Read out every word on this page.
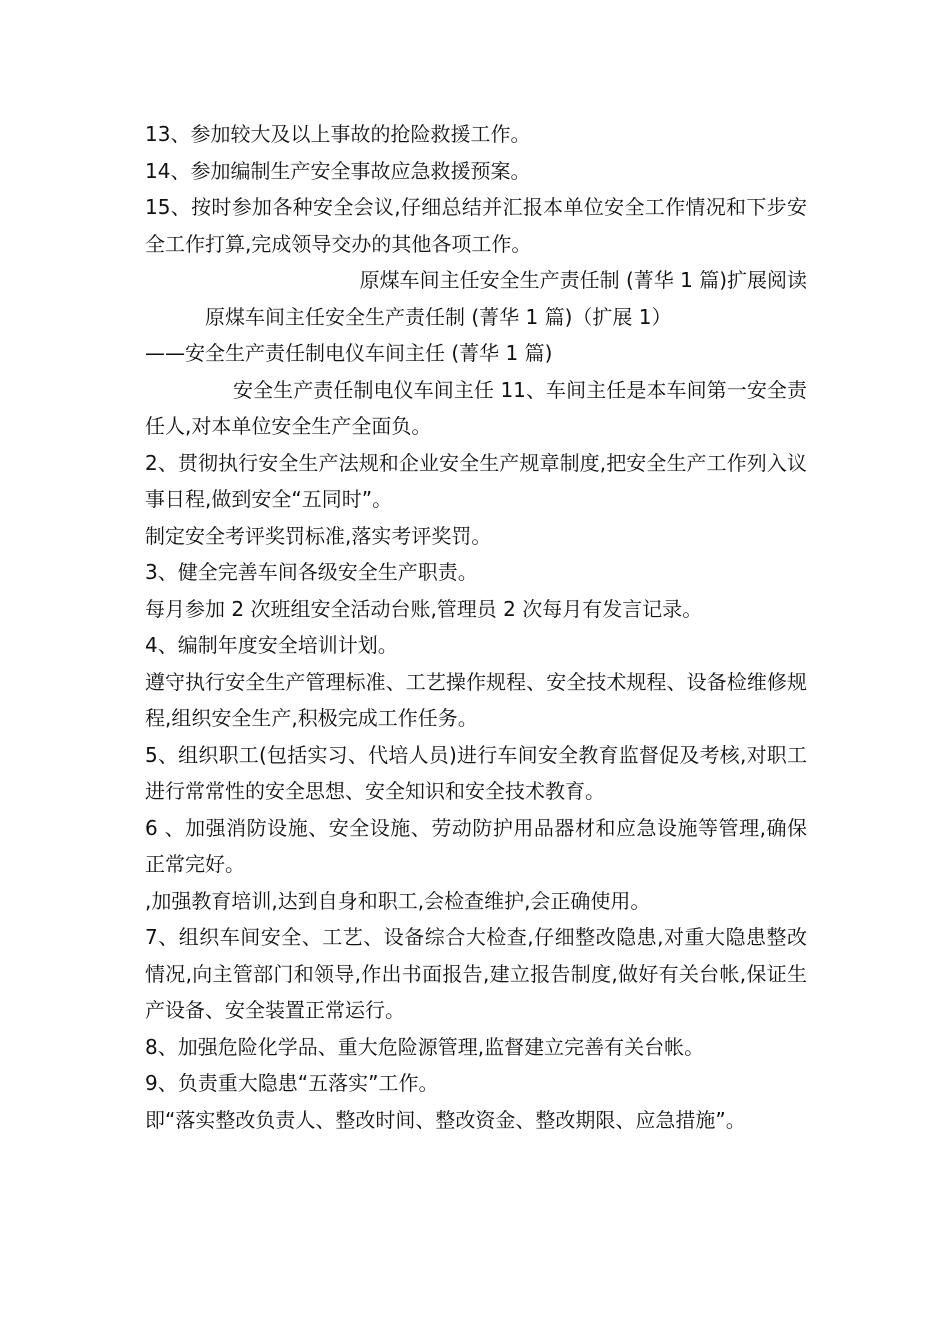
13、参加较大及以上事故的抢险救援工作。

14、参加编制生产安全事故应急救援预案。

15、按时参加各种安全会议,仔细总结并汇报本单位安全工作情况和下步安全工作打算,完成领导交办的其他各项工作。

原煤车间主任安全生产责任制 (菁华 1 篇)扩展阅读

原煤车间主任安全生产责任制 (菁华 1 篇)（扩展 1）

——安全生产责任制电仪车间主任 (菁华 1 篇)

安全生产责任制电仪车间主任 11、车间主任是本车间第一安全责任人,对本单位安全生产全面负。

2、贯彻执行安全生产法规和企业安全生产规章制度,把安全生产工作列入议事日程,做到安全“五同时”。

制定安全考评奖罚标准,落实考评奖罚。

3、健全完善车间各级安全生产职责。

每月参加 2 次班组安全活动台账,管理员 2 次每月有发言记录。

4、编制年度安全培训计划。

遵守执行安全生产管理标准、工艺操作规程、安全技术规程、设备检维修规程,组织安全生产,积极完成工作任务。

5、组织职工(包括实习、代培人员)进行车间安全教育监督促及考核,对职工进行常常性的安全思想、安全知识和安全技术教育。

6 、加强消防设施、安全设施、劳动防护用品器材和应急设施等管理,确保正常完好。

,加强教育培训,达到自身和职工,会检查维护,会正确使用。

7、组织车间安全、工艺、设备综合大检查,仔细整改隐患,对重大隐患整改情况,向主管部门和领导,作出书面报告,建立报告制度,做好有关台帐,保证生产设备、安全装置正常运行。

8、加强危险化学品、重大危险源管理,监督建立完善有关台帐。

9、负责重大隐患“五落实”工作。

即“落实整改负责人、整改时间、整改资金、整改期限、应急措施”。
